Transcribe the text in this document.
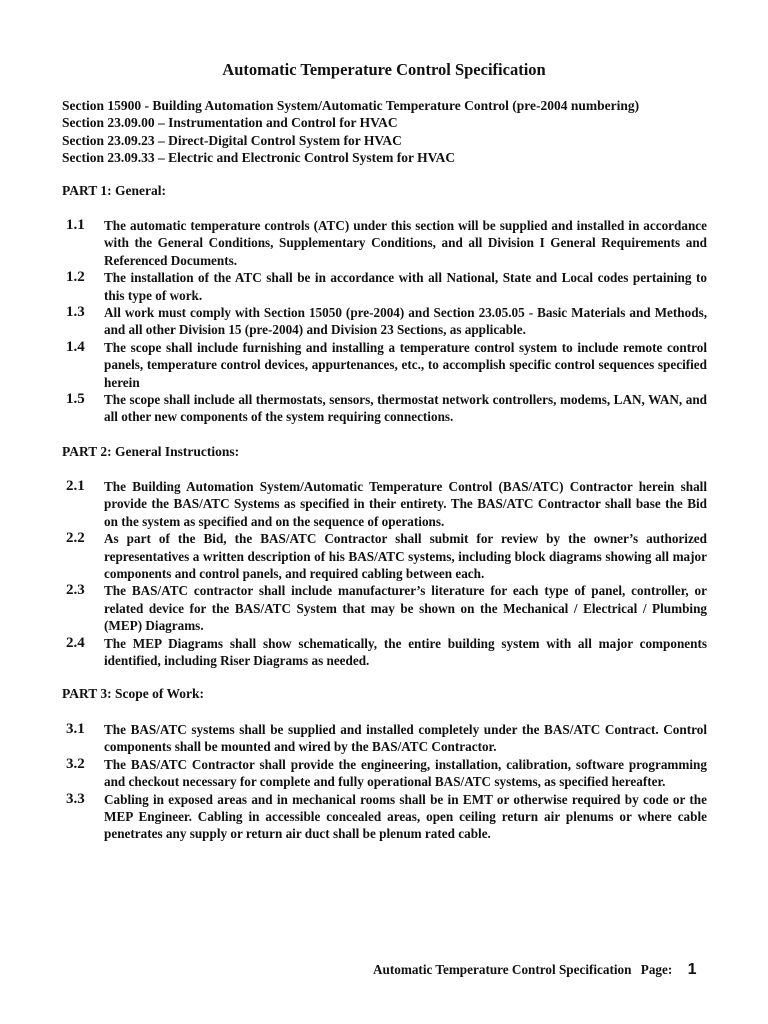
Automatic Temperature Control Specification
Section 15900 - Building Automation System/Automatic Temperature Control (pre-2004 numbering)
Section 23.09.00 – Instrumentation and Control for HVAC
Section 23.09.23 – Direct-Digital Control System for HVAC
Section 23.09.33 – Electric and Electronic Control System for HVAC
PART 1: General:
1.1	The automatic temperature controls (ATC) under this section will be supplied and installed in accordance with the General Conditions, Supplementary Conditions, and all Division I General Requirements and Referenced Documents.
1.2	The installation of the ATC shall be in accordance with all National, State and Local codes pertaining to this type of work.
1.3	All work must comply with Section 15050 (pre-2004) and Section 23.05.05 - Basic Materials and Methods, and all other Division 15 (pre-2004) and Division 23 Sections, as applicable.
1.4	The scope shall include furnishing and installing a temperature control system to include remote control panels, temperature control devices, appurtenances, etc., to accomplish specific control sequences specified herein
1.5	The scope shall include all thermostats, sensors, thermostat network controllers, modems, LAN, WAN, and all other new components of the system requiring connections.
PART 2: General Instructions:
2.1	The Building Automation System/Automatic Temperature Control (BAS/ATC) Contractor herein shall provide the BAS/ATC Systems as specified in their entirety. The BAS/ATC Contractor shall base the Bid on the system as specified and on the sequence of operations.
2.2	As part of the Bid, the BAS/ATC Contractor shall submit for review by the owner’s authorized representatives a written description of his BAS/ATC systems, including block diagrams showing all major components and control panels, and required cabling between each.
2.3	The BAS/ATC contractor shall include manufacturer’s literature for each type of panel, controller, or related device for the BAS/ATC System that may be shown on the Mechanical / Electrical / Plumbing (MEP) Diagrams.
2.4	The MEP Diagrams shall show schematically, the entire building system with all major components identified, including Riser Diagrams as needed.
PART 3: Scope of Work:
3.1	The BAS/ATC systems shall be supplied and installed completely under the BAS/ATC Contract. Control components shall be mounted and wired by the BAS/ATC Contractor.
3.2	The BAS/ATC Contractor shall provide the engineering, installation, calibration, software programming and checkout necessary for complete and fully operational BAS/ATC systems, as specified hereafter.
3.3	Cabling in exposed areas and in mechanical rooms shall be in EMT or otherwise required by code or the MEP Engineer. Cabling in accessible concealed areas, open ceiling return air plenums or where cable penetrates any supply or return air duct shall be plenum rated cable.
Automatic Temperature Control Specification Page: 1
